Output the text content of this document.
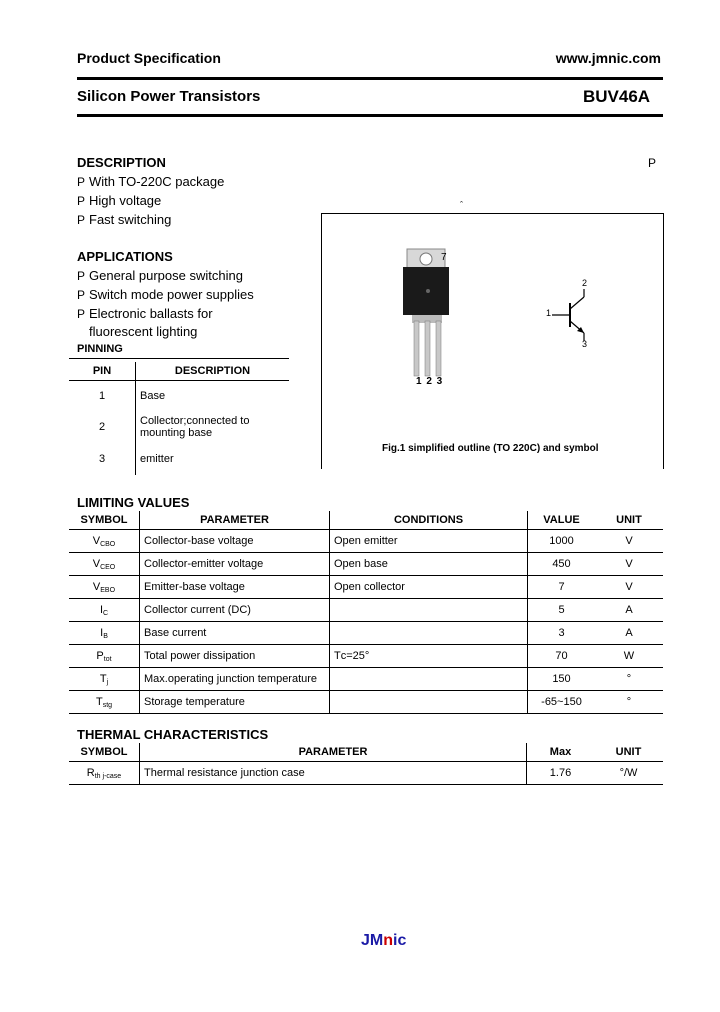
Product Specification	www.jmnic.com
Silicon Power Transistors	BUV46A
DESCRIPTION	Ρ
Ρ With TO-220C package
Ρ High voltage
Ρ Fast switching
APPLICATIONS
Ρ General purpose switching
Ρ Switch mode power supplies
Ρ Electronic ballasts for
fluorescent lighting
PINNING
PIN	DESCRIPTION
1	Base
2	Collector;connected to
mounting base
3	emitter
ˆ
7
1 2 3
1
2
3
Fig.1 simplified outline (TO 220C) and symbol
LIMITING VALUES
SYMBOL	PARAMETER	CONDITIONS	VALUE	UNIT
$V_{CBO}$	Collector-base voltage	Open emitter	1000	V
$V_{CEO}$	Collector-emitter voltage	Open base	450	V
$V_{EBO}$	Emitter-base voltage	Open collector	7	V
$I_C$	Collector current (DC)		5	A
$I_B$	Base current		3	A
$P_{tot}$	Total power dissipation	Tᴄ=25°	70	W
$T_j$	Max.operating junction temperature		150	°
$T_{stg}$	Storage temperature		-65~150	°
THERMAL CHARACTERISTICS
SYMBOL	PARAMETER	Max	UNIT
$R_{th j-case}$	Thermal resistance junction case	1.76	°/W
JMnic
